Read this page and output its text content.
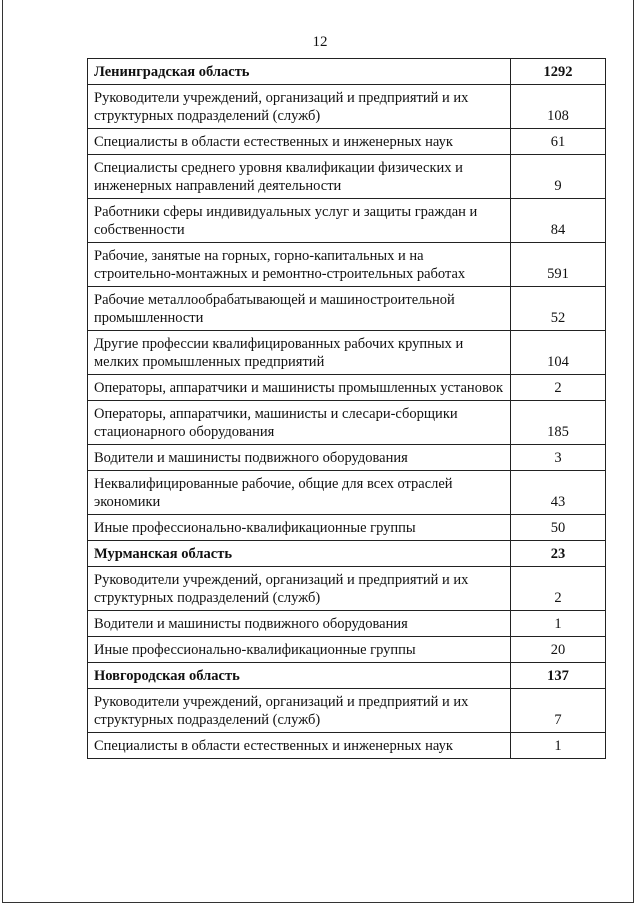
12
Ленинградская область	1292
Руководители учреждений, организаций и предприятий и их структурных подразделений (служб)	108
Специалисты в области естественных и инженерных наук	61
Специалисты среднего уровня квалификации физических и инженерных направлений деятельности	9
Работники сферы индивидуальных услуг и защиты граждан и собственности	84
Рабочие, занятые на горных, горно-капитальных и на строительно-монтажных и ремонтно-строительных работах	591
Рабочие металлообрабатывающей и машиностроительной промышленности	52
Другие профессии квалифицированных рабочих крупных и мелких промышленных предприятий	104
Операторы, аппаратчики и машинисты промышленных установок	2
Операторы, аппаратчики, машинисты и слесари-сборщики стационарного оборудования	185
Водители и машинисты подвижного оборудования	3
Неквалифицированные рабочие, общие для всех отраслей экономики	43
Иные профессионально-квалификационные группы	50
Мурманская область	23
Руководители учреждений, организаций и предприятий и их структурных подразделений (служб)	2
Водители и машинисты подвижного оборудования	1
Иные профессионально-квалификационные группы	20
Новгородская область	137
Руководители учреждений, организаций и предприятий и их структурных подразделений (служб)	7
Специалисты в области естественных и инженерных наук	1
